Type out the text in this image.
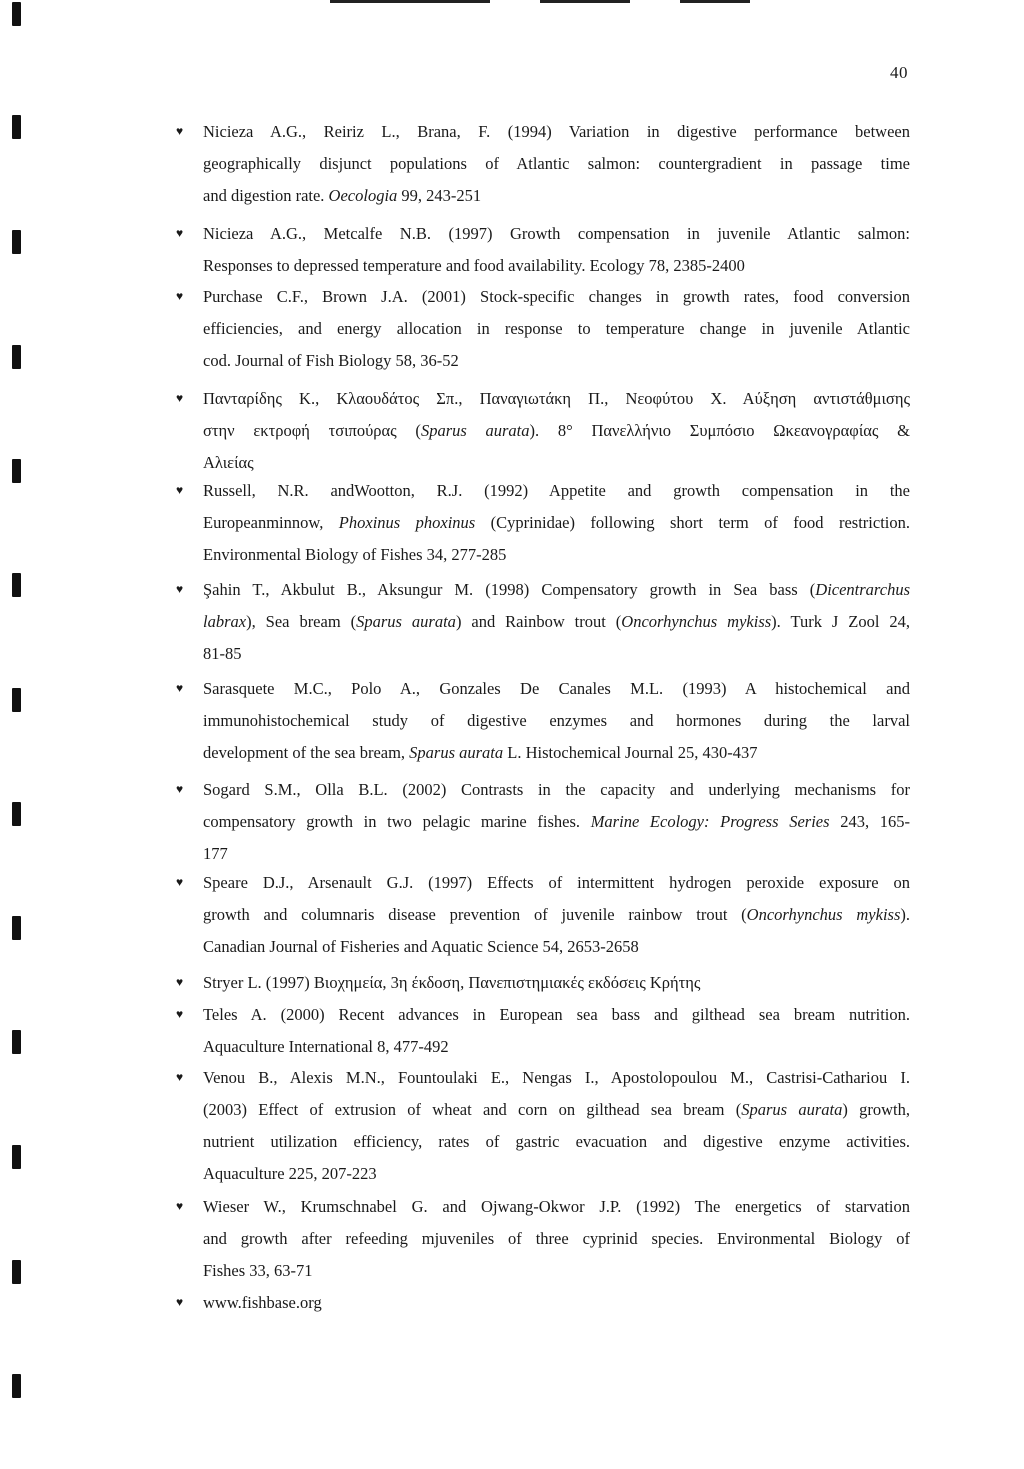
40
♥ Nicieza A.G., Reiriz L., Brana, F. (1994) Variation in digestive performance between
geographically disjunct populations of Atlantic salmon: countergradient in passage time
and digestion rate. Oecologia 99, 243-251
♥ Nicieza A.G., Metcalfe N.B. (1997) Growth compensation in juvenile Atlantic salmon:
Responses to depressed temperature and food availability. Ecology 78, 2385-2400
♥ Purchase C.F., Brown J.A. (2001) Stock-specific changes in growth rates, food conversion
efficiencies, and energy allocation in response to temperature change in juvenile Atlantic
cod. Journal of Fish Biology 58, 36-52
♥ Πανταρίδης Κ., Κλαουδάτος Σπ., Παναγιωτάκη Π., Νεοφύτου Χ. Αύξηση αντιστάθμισης
στην εκτροφή τσιπούρας (Sparus aurata). 8° Πανελλήνιο Συμπόσιο Ωκεανογραφίας &
Αλιείας
♥ Russell, N.R. andWootton, R.J. (1992) Appetite and growth compensation in the
Europeanminnow, Phoxinus phoxinus (Cyprinidae) following short term of food restriction.
Environmental Biology of Fishes 34, 277-285
♥ Şahin T., Akbulut B., Aksungur M. (1998) Compensatory growth in Sea bass (Dicentrarchus
labrax), Sea bream (Sparus aurata) and Rainbow trout (Oncorhynchus mykiss). Turk J Zool 24,
81-85
♥ Sarasquete M.C., Polo A., Gonzales De Canales M.L. (1993) A histochemical and
immunohistochemical study of digestive enzymes and hormones during the larval
development of the sea bream, Sparus aurata L. Histochemical Journal 25, 430-437
♥ Sogard S.M., Olla B.L. (2002) Contrasts in the capacity and underlying mechanisms for
compensatory growth in two pelagic marine fishes. Marine Ecology: Progress Series 243, 165-
177
♥ Speare D.J., Arsenault G.J. (1997) Effects of intermittent hydrogen peroxide exposure on
growth and columnaris disease prevention of juvenile rainbow trout (Oncorhynchus mykiss).
Canadian Journal of Fisheries and Aquatic Science 54, 2653-2658
♥ Stryer L. (1997) Βιοχημεία, 3η έκδοση, Πανεπιστημιακές εκδόσεις Κρήτης
♥ Teles A. (2000) Recent advances in European sea bass and gilthead sea bream nutrition.
Aquaculture International 8, 477-492
♥ Venou B., Alexis M.N., Fountoulaki E., Nengas I., Apostolopoulou M., Castrisi-Cathariou I.
(2003) Effect of extrusion of wheat and corn on gilthead sea bream (Sparus aurata) growth,
nutrient utilization efficiency, rates of gastric evacuation and digestive enzyme activities.
Aquaculture 225, 207-223
♥ Wieser W., Krumschnabel G. and Ojwang-Okwor J.P. (1992) The energetics of starvation
and growth after refeeding mjuveniles of three cyprinid species. Environmental Biology of
Fishes 33, 63-71
♥ www.fishbase.org
